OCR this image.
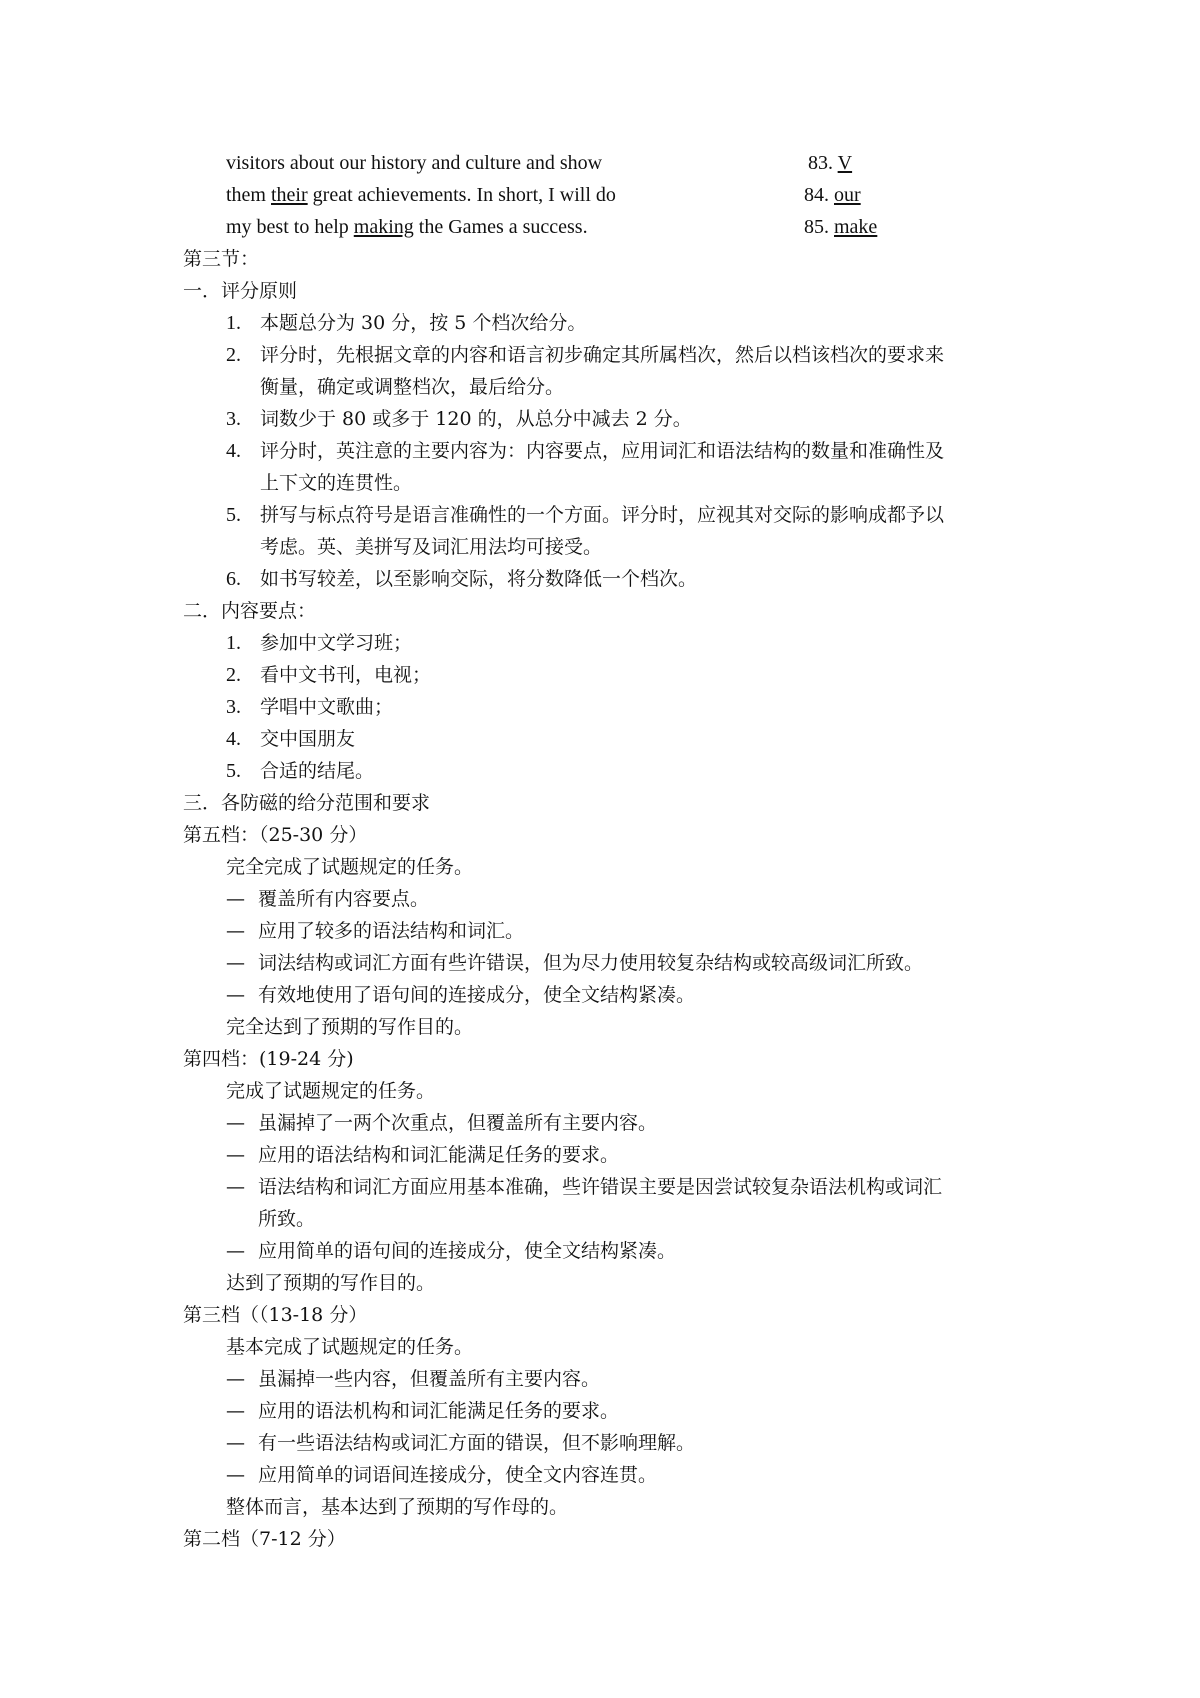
visitors about our history and culture and show	83. V
them their great achievements. In short, I will do	84. our
my best to help making the Games a success.	85. make
第三节：
一．评分原则
1. 本题总分为 30 分，按 5 个档次给分。
2. 评分时，先根据文章的内容和语言初步确定其所属档次，然后以档该档次的要求来
衡量，确定或调整档次，最后给分。
3. 词数少于 80 或多于 120 的，从总分中减去 2 分。
4. 评分时，英注意的主要内容为：内容要点，应用词汇和语法结构的数量和准确性及
上下文的连贯性。
5. 拼写与标点符号是语言准确性的一个方面。评分时，应视其对交际的影响成都予以
考虑。英、美拼写及词汇用法均可接受。
6. 如书写较差，以至影响交际，将分数降低一个档次。
二．内容要点：
1. 参加中文学习班；
2. 看中文书刊，电视；
3. 学唱中文歌曲；
4. 交中国朋友
5. 合适的结尾。
三．各防磁的给分范围和要求
第五档：（25-30 分）
完全完成了试题规定的任务。
— 覆盖所有内容要点。
— 应用了较多的语法结构和词汇。
— 词法结构或词汇方面有些许错误，但为尽力使用较复杂结构或较高级词汇所致。
— 有效地使用了语句间的连接成分，使全文结构紧凑。
完全达到了预期的写作目的。
第四档：(19-24 分)
完成了试题规定的任务。
— 虽漏掉了一两个次重点，但覆盖所有主要内容。
— 应用的语法结构和词汇能满足任务的要求。
— 语法结构和词汇方面应用基本准确，些许错误主要是因尝试较复杂语法机构或词汇
所致。
— 应用简单的语句间的连接成分，使全文结构紧凑。
达到了预期的写作目的。
第三档（（13-18 分）
基本完成了试题规定的任务。
— 虽漏掉一些内容，但覆盖所有主要内容。
— 应用的语法机构和词汇能满足任务的要求。
— 有一些语法结构或词汇方面的错误，但不影响理解。
— 应用简单的词语间连接成分，使全文内容连贯。
整体而言，基本达到了预期的写作母的。
第二档（7-12 分）
